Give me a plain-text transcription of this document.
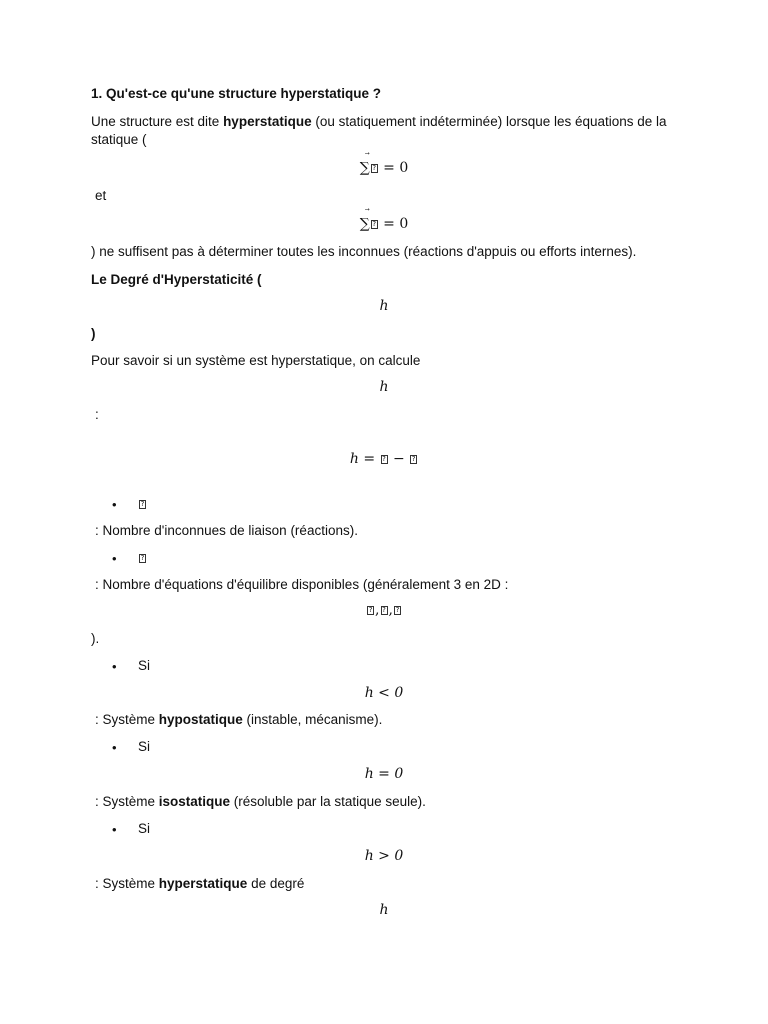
1. Qu'est-ce qu'une structure hyperstatique ?
Une structure est dite hyperstatique (ou statiquement indéterminée) lorsque les équations de la statique (
∑
? = 0
et
∑
? = 0
) ne suffisent pas à déterminer toutes les inconnues (réactions d'appuis ou efforts internes).
Le Degré d'Hyperstaticité (
h
)
Pour savoir si un système est hyperstatique, on calcule
h
:
h = ? − ?
•
?
: Nombre d'inconnues de liaison (réactions).
•
?
: Nombre d'équations d'équilibre disponibles (généralement 3 en 2D :
?,? ,?
).
• Si
h < 0
: Système hypostatique (instable, mécanisme).
• Si
h = 0
: Système isostatique (résoluble par la statique seule).
• Si
h > 0
: Système hyperstatique de degré
h
